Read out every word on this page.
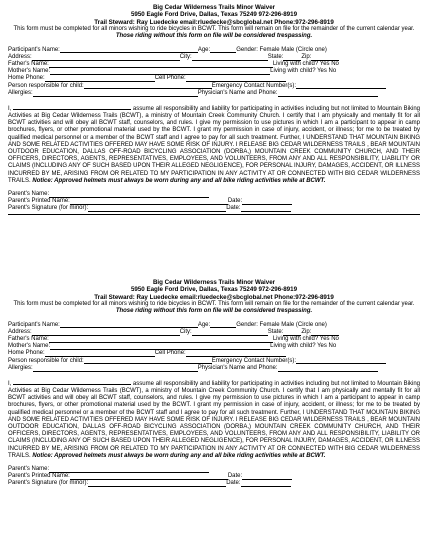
Big Cedar Wilderness Trails Minor Waiver
5950 Eagle Ford Drive, Dallas, Texas 75249 972-296-8919
Trail Steward: Ray Luedecke email:rluedecke@sbcglobal.net Phone:972-296-8919
This form must be completed for all minors wishing to ride bicycles in BCWT. This form will remain on file for the remainder of the current calendar year. Those riding without this form on file will be considered trespassing.
Participant's Name:	Age:	Gender: Female Male (Circle one)
Address:	City:	State:	Zip:
Father's Name:	Living with child? Yes No
Mother's Name:	Living with child? Yes No
Home Phone:	Cell Phone:
Person responsible for child:	Emergency Contact Number(s):
Allergies:	Physician's Name and Phone:
I,	assume all responsibility and liability for participating in activities including but not limited to Mountain Biking Activities at Big Cedar Wilderness Trails (BCWT), a ministry of Mountain Creek Community Church. I certify that I am physically and mentally fit for all BCWT activities and will obey all BCWT staff, counselors, and rules. I give my permission to use pictures in which I am a participant to appear in camp brochures, flyers, or other promotional material used by the BCWT. I grant my permission in case of injury, accident, or illness; for me to be treated by qualified medical personnel or a member of the BCWT staff and I agree to pay for all such treatment. Further, I UNDERSTAND THAT MOUNTAIN BIKING AND SOME RELATED ACTIVITIES OFFERED MAY HAVE SOME RISK OF INJURY. I RELEASE BIG CEDAR WILDERNESS TRAILS , BEAR MOUNTAIN OUTDOOR EDUCATION, DALLAS OFF-ROAD BICYCLING ASSOCIATION (DORBA,) MOUNTAIN CREEK COMMUNITY CHURCH, AND THEIR OFFICERS, DIRECTORS, AGENTS, REPRESENTATIVES, EMPLOYEES, AND VOLUNTEERS, FROM ANY AND ALL RESPONSIBILITY, LIABILITY OR CLAIMS (INCLUDING ANY OF SUCH BASED UPON THEIR ALLEGED NEGLIGENCE), FOR PERSONAL INJURY, DAMAGES, ACCIDENT, OR ILLNESS INCURRED BY ME, ARISING FROM OR RELATED TO MY PARTICIPATION IN ANY ACTIVITY AT OR CONNECTED WITH BIG CEDAR WILDERNESS TRAILS. Notice: Approved helmets must always be worn during any and all bike riding activities while at BCWT.
Parent's Name:
Parent's Printed Name:	Date:
Parent's Signature (for minor):	Date:
Big Cedar Wilderness Trails Minor Waiver
5950 Eagle Ford Drive, Dallas, Texas 75249 972-296-8919
Trail Steward: Ray Luedecke email:rluedecke@sbcglobal.net Phone:972-296-8919
This form must be completed for all minors wishing to ride bicycles in BCWT. This form will remain on file for the remainder of the current calendar year. Those riding without this form on file will be considered trespassing.
Participant's Name:	Age:	Gender: Female Male (Circle one)
Address:	City:	State:	Zip:
Father's Name:	Living with child? Yes No
Mother's Name:	Living with child? Yes No
Home Phone:	Cell Phone:
Person responsible for child:	Emergency Contact Number(s):
Allergies:	Physician's Name and Phone:
I,	assume all responsibility and liability for participating in activities including but not limited to Mountain Biking Activities at Big Cedar Wilderness Trails (BCWT), a ministry of Mountain Creek Community Church. I certify that I am physically and mentally fit for all BCWT activities and will obey all BCWT staff, counselors, and rules. I give my permission to use pictures in which I am a participant to appear in camp brochures, flyers, or other promotional material used by the BCWT. I grant my permission in case of injury, accident, or illness; for me to be treated by qualified medical personnel or a member of the BCWT staff and I agree to pay for all such treatment. Further, I UNDERSTAND THAT MOUNTAIN BIKING AND SOME RELATED ACTIVITIES OFFERED MAY HAVE SOME RISK OF INJURY. I RELEASE BIG CEDAR WILDERNESS TRAILS , BEAR MOUNTAIN OUTDOOR EDUCATION, DALLAS OFF-ROAD BICYCLING ASSOCIATION (DORBA,) MOUNTAIN CREEK COMMUNITY CHURCH, AND THEIR OFFICERS, DIRECTORS, AGENTS, REPRESENTATIVES, EMPLOYEES, AND VOLUNTEERS, FROM ANY AND ALL RESPONSIBILITY, LIABILITY OR CLAIMS (INCLUDING ANY OF SUCH BASED UPON THEIR ALLEGED NEGLIGENCE), FOR PERSONAL INJURY, DAMAGES, ACCIDENT, OR ILLNESS INCURRED BY ME, ARISING FROM OR RELATED TO MY PARTICIPATION IN ANY ACTIVITY AT OR CONNECTED WITH BIG CEDAR WILDERNESS TRAILS. Notice: Approved helmets must always be worn during any and all bike riding activities while at BCWT.
Parent's Name:
Parent's Printed Name:	Date:
Parent's Signature (for minor):	Date:
